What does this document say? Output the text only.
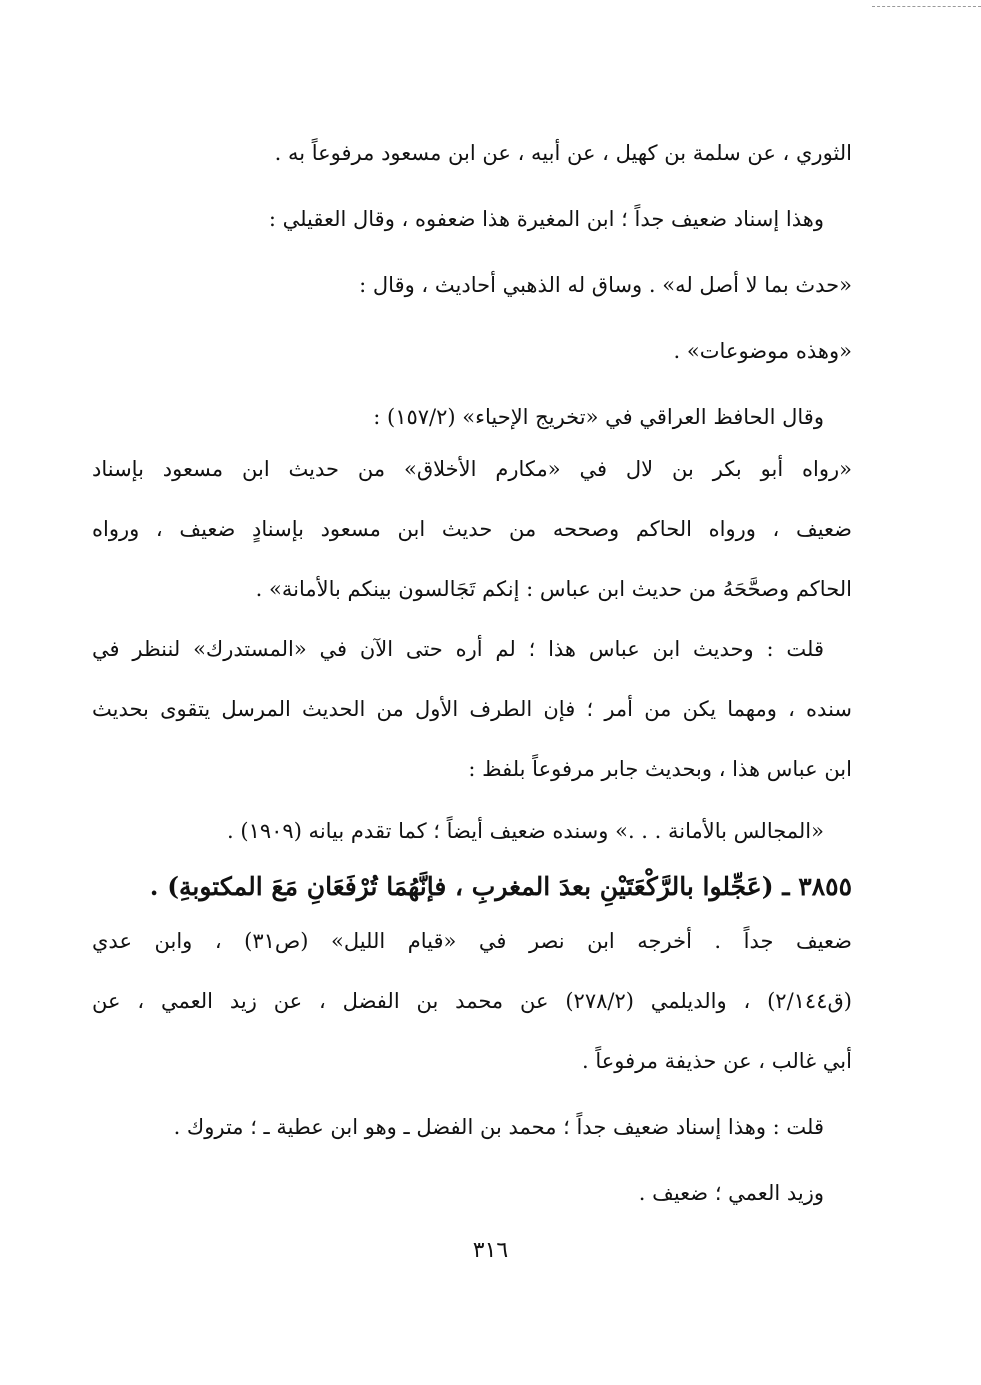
الثوري ، عن سلمة بن كهيل ، عن أبيه ، عن ابن مسعود مرفوعاً به .
وهذا إسناد ضعيف جداً ؛ ابن المغيرة هذا ضعفوه ، وقال العقيلي :
«حدث بما لا أصل له» . وساق له الذهبي أحاديث ، وقال :
«وهذه موضوعات» .
وقال الحافظ العراقي في «تخريج الإحياء» (١٥٧/٢) :
«رواه أبو بكر بن لال في «مكارم الأخلاق» من حديث ابن مسعود بإسناد
ضعيف ، ورواه الحاكم وصححه من حديث ابن مسعود بإسنادٍ ضعيف ، ورواه
الحاكم وصحَّحَهُ من حديث ابن عباس : إنكم تَجَالسون بينكم بالأمانة» .
قلت : وحديث ابن عباس هذا ؛ لم أره حتى الآن في «المستدرك» لننظر في
سنده ، ومهما يكن من أمر ؛ فإن الطرف الأول من الحديث المرسل يتقوى بحديث
ابن عباس هذا ، وبحديث جابر مرفوعاً بلفظ :
«المجالس بالأمانة . . .» وسنده ضعيف أيضاً ؛ كما تقدم بيانه (١٩٠٩) .
٣٨٥٥ ـ (عَجِّلوا بالرَّكْعَتَيْنِ بعدَ المغربِ ، فإنَّهُمَا تُرْفَعَانِ مَعَ المكتوبةِ) .
ضعيف جداً . أخرجه ابن نصر في «قيام الليل» (ص٣١) ، وابن عدي
(ق٢/١٤٤) ، والديلمي (٢٧٨/٢) عن محمد بن الفضل ، عن زيد العمي ، عن
أبي غالب ، عن حذيفة مرفوعاً .
قلت : وهذا إسناد ضعيف جداً ؛ محمد بن الفضل ـ وهو ابن عطية ـ ؛ متروك .
وزيد العمي ؛ ضعيف .
٣١٦
